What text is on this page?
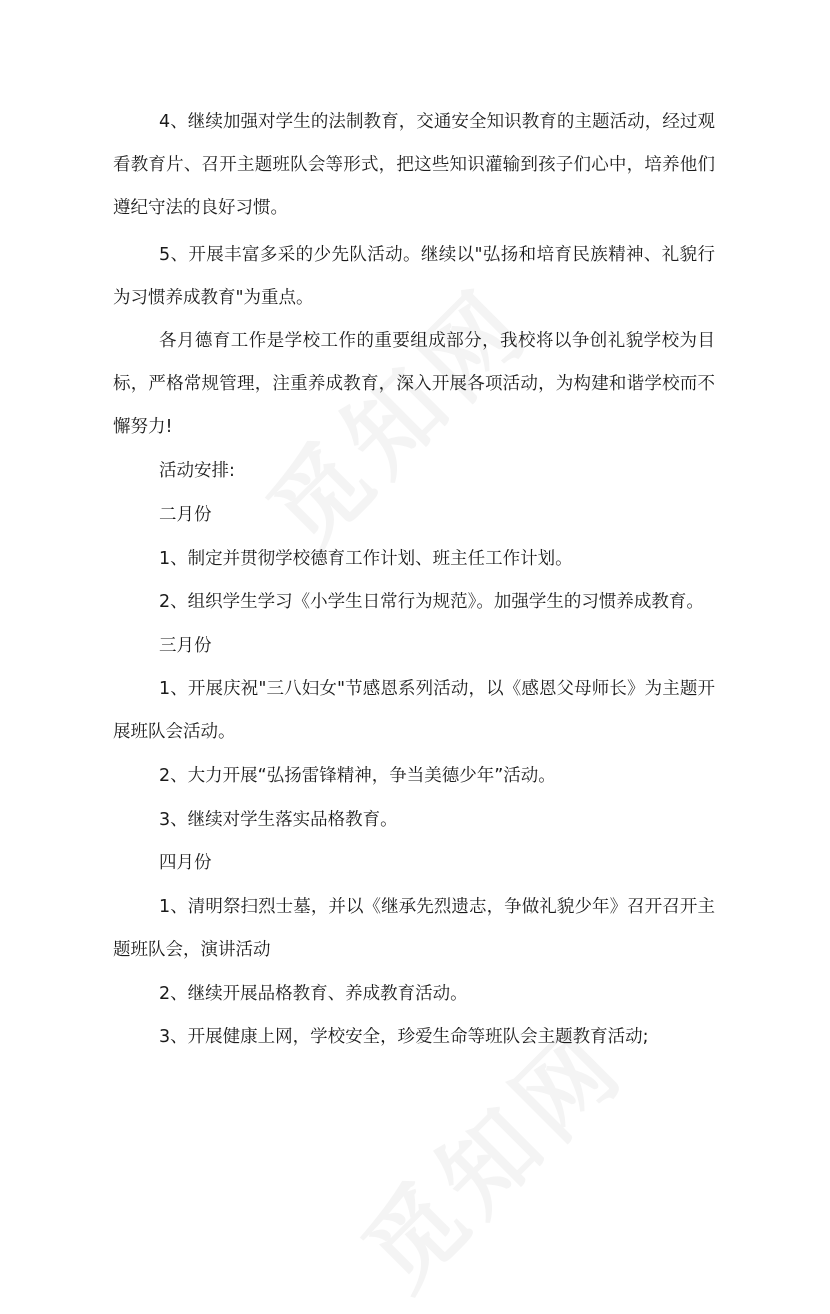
4、继续加强对学生的法制教育，交通安全知识教育的主题活动，经过观看教育片、召开主题班队会等形式，把这些知识灌输到孩子们心中，培养他们遵纪守法的良好习惯。
5、开展丰富多采的少先队活动。继续以"弘扬和培育民族精神、礼貌行为习惯养成教育"为重点。
各月德育工作是学校工作的重要组成部分，我校将以争创礼貌学校为目标，严格常规管理，注重养成教育，深入开展各项活动，为构建和谐学校而不懈努力!
活动安排:
二月份
1、制定并贯彻学校德育工作计划、班主任工作计划。
2、组织学生学习《小学生日常行为规范》。加强学生的习惯养成教育。
三月份
1、开展庆祝"三八妇女"节感恩系列活动，以《感恩父母师长》为主题开展班队会活动。
2、大力开展“弘扬雷锋精神，争当美德少年”活动。
3、继续对学生落实品格教育。
四月份
1、清明祭扫烈士墓，并以《继承先烈遗志，争做礼貌少年》召开召开主题班队会，演讲活动
2、继续开展品格教育、养成教育活动。
3、开展健康上网，学校安全，珍爱生命等班队会主题教育活动;
